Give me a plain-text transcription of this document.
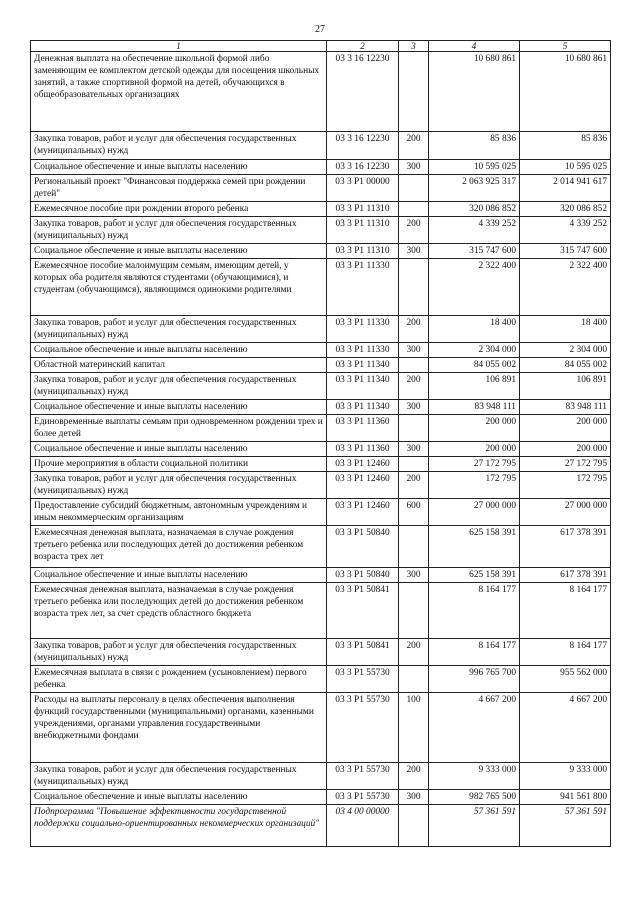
27
1	2	3	4	5
Денежная выплата на обеспечение школьной формой либо заменяющим ее комплектом детской одежды для посещения школьных занятий, а также спортивной формой на детей, обучающихся в общеобразовательных организациях	03 3 16 12230		10 680 861	10 680 861
Закупка товаров, работ и услуг для обеспечения государственных (муниципальных) нужд	03 3 16 12230	200	85 836	85 836
Социальное обеспечение и иные выплаты населению	03 3 16 12230	300	10 595 025	10 595 025
Региональный проект "Финансовая поддержка семей при рождении детей"	03 3 Р1 00000		2 063 925 317	2 014 941 617
Ежемесячное пособие при рождении второго ребенка	03 3 Р1 11310		320 086 852	320 086 852
Закупка товаров, работ и услуг для обеспечения государственных (муниципальных) нужд	03 3 Р1 11310	200	4 339 252	4 339 252
Социальное обеспечение и иные выплаты населению	03 3 Р1 11310	300	315 747 600	315 747 600
Ежемесячное пособие малоимущим семьям, имеющим детей, у которых оба родителя являются студентами (обучающимися), и студентам (обучающимся), являющимся одинокими родителями	03 3 Р1 11330		2 322 400	2 322 400
Закупка товаров, работ и услуг для обеспечения государственных (муниципальных) нужд	03 3 Р1 11330	200	18 400	18 400
Социальное обеспечение и иные выплаты населению	03 3 Р1 11330	300	2 304 000	2 304 000
Областной материнский капитал	03 3 Р1 11340		84 055 002	84 055 002
Закупка товаров, работ и услуг для обеспечения государственных (муниципальных) нужд	03 3 Р1 11340	200	106 891	106 891
Социальное обеспечение и иные выплаты населению	03 3 Р1 11340	300	83 948 111	83 948 111
Единовременные выплаты семьям при одновременном рождении трех и более детей	03 3 Р1 11360		200 000	200 000
Социальное обеспечение и иные выплаты населению	03 3 Р1 11360	300	200 000	200 000
Прочие мероприятия в области социальной политики	03 3 Р1 12460		27 172 795	27 172 795
Закупка товаров, работ и услуг для обеспечения государственных (муниципальных) нужд	03 3 Р1 12460	200	172 795	172 795
Предоставление субсидий бюджетным, автономным учреждениям и иным некоммерческим организациям	03 3 Р1 12460	600	27 000 000	27 000 000
Ежемесячная денежная выплата, назначаемая в случае рождения третьего ребенка или последующих детей до достижения ребенком возраста трех лет	03 3 Р1 50840		625 158 391	617 378 391
Социальное обеспечение и иные выплаты населению	03 3 Р1 50840	300	625 158 391	617 378 391
Ежемесячная денежная выплата, назначаемая в случае рождения третьего ребенка или последующих детей до достижения ребенком возраста трех лет, за счет средств областного бюджета	03 3 Р1 50841		8 164 177	8 164 177
Закупка товаров, работ и услуг для обеспечения государственных (муниципальных) нужд	03 3 Р1 50841	200	8 164 177	8 164 177
Ежемесячная выплата в связи с рождением (усыновлением) первого ребенка	03 3 Р1 55730		996 765 700	955 562 000
Расходы на выплаты персоналу в целях обеспечения выполнения функций государственными (муниципальными) органами, казенными учреждениями, органами управления государственными внебюджетными фондами	03 3 Р1 55730	100	4 667 200	4 667 200
Закупка товаров, работ и услуг для обеспечения государственных (муниципальных) нужд	03 3 Р1 55730	200	9 333 000	9 333 000
Социальное обеспечение и иные выплаты населению	03 3 Р1 55730	300	982 765 500	941 561 800
Подпрограмма "Повышение эффективности государственной поддержки социально-ориентированных некоммерческих организаций"	03 4 00 00000		57 361 591	57 361 591
